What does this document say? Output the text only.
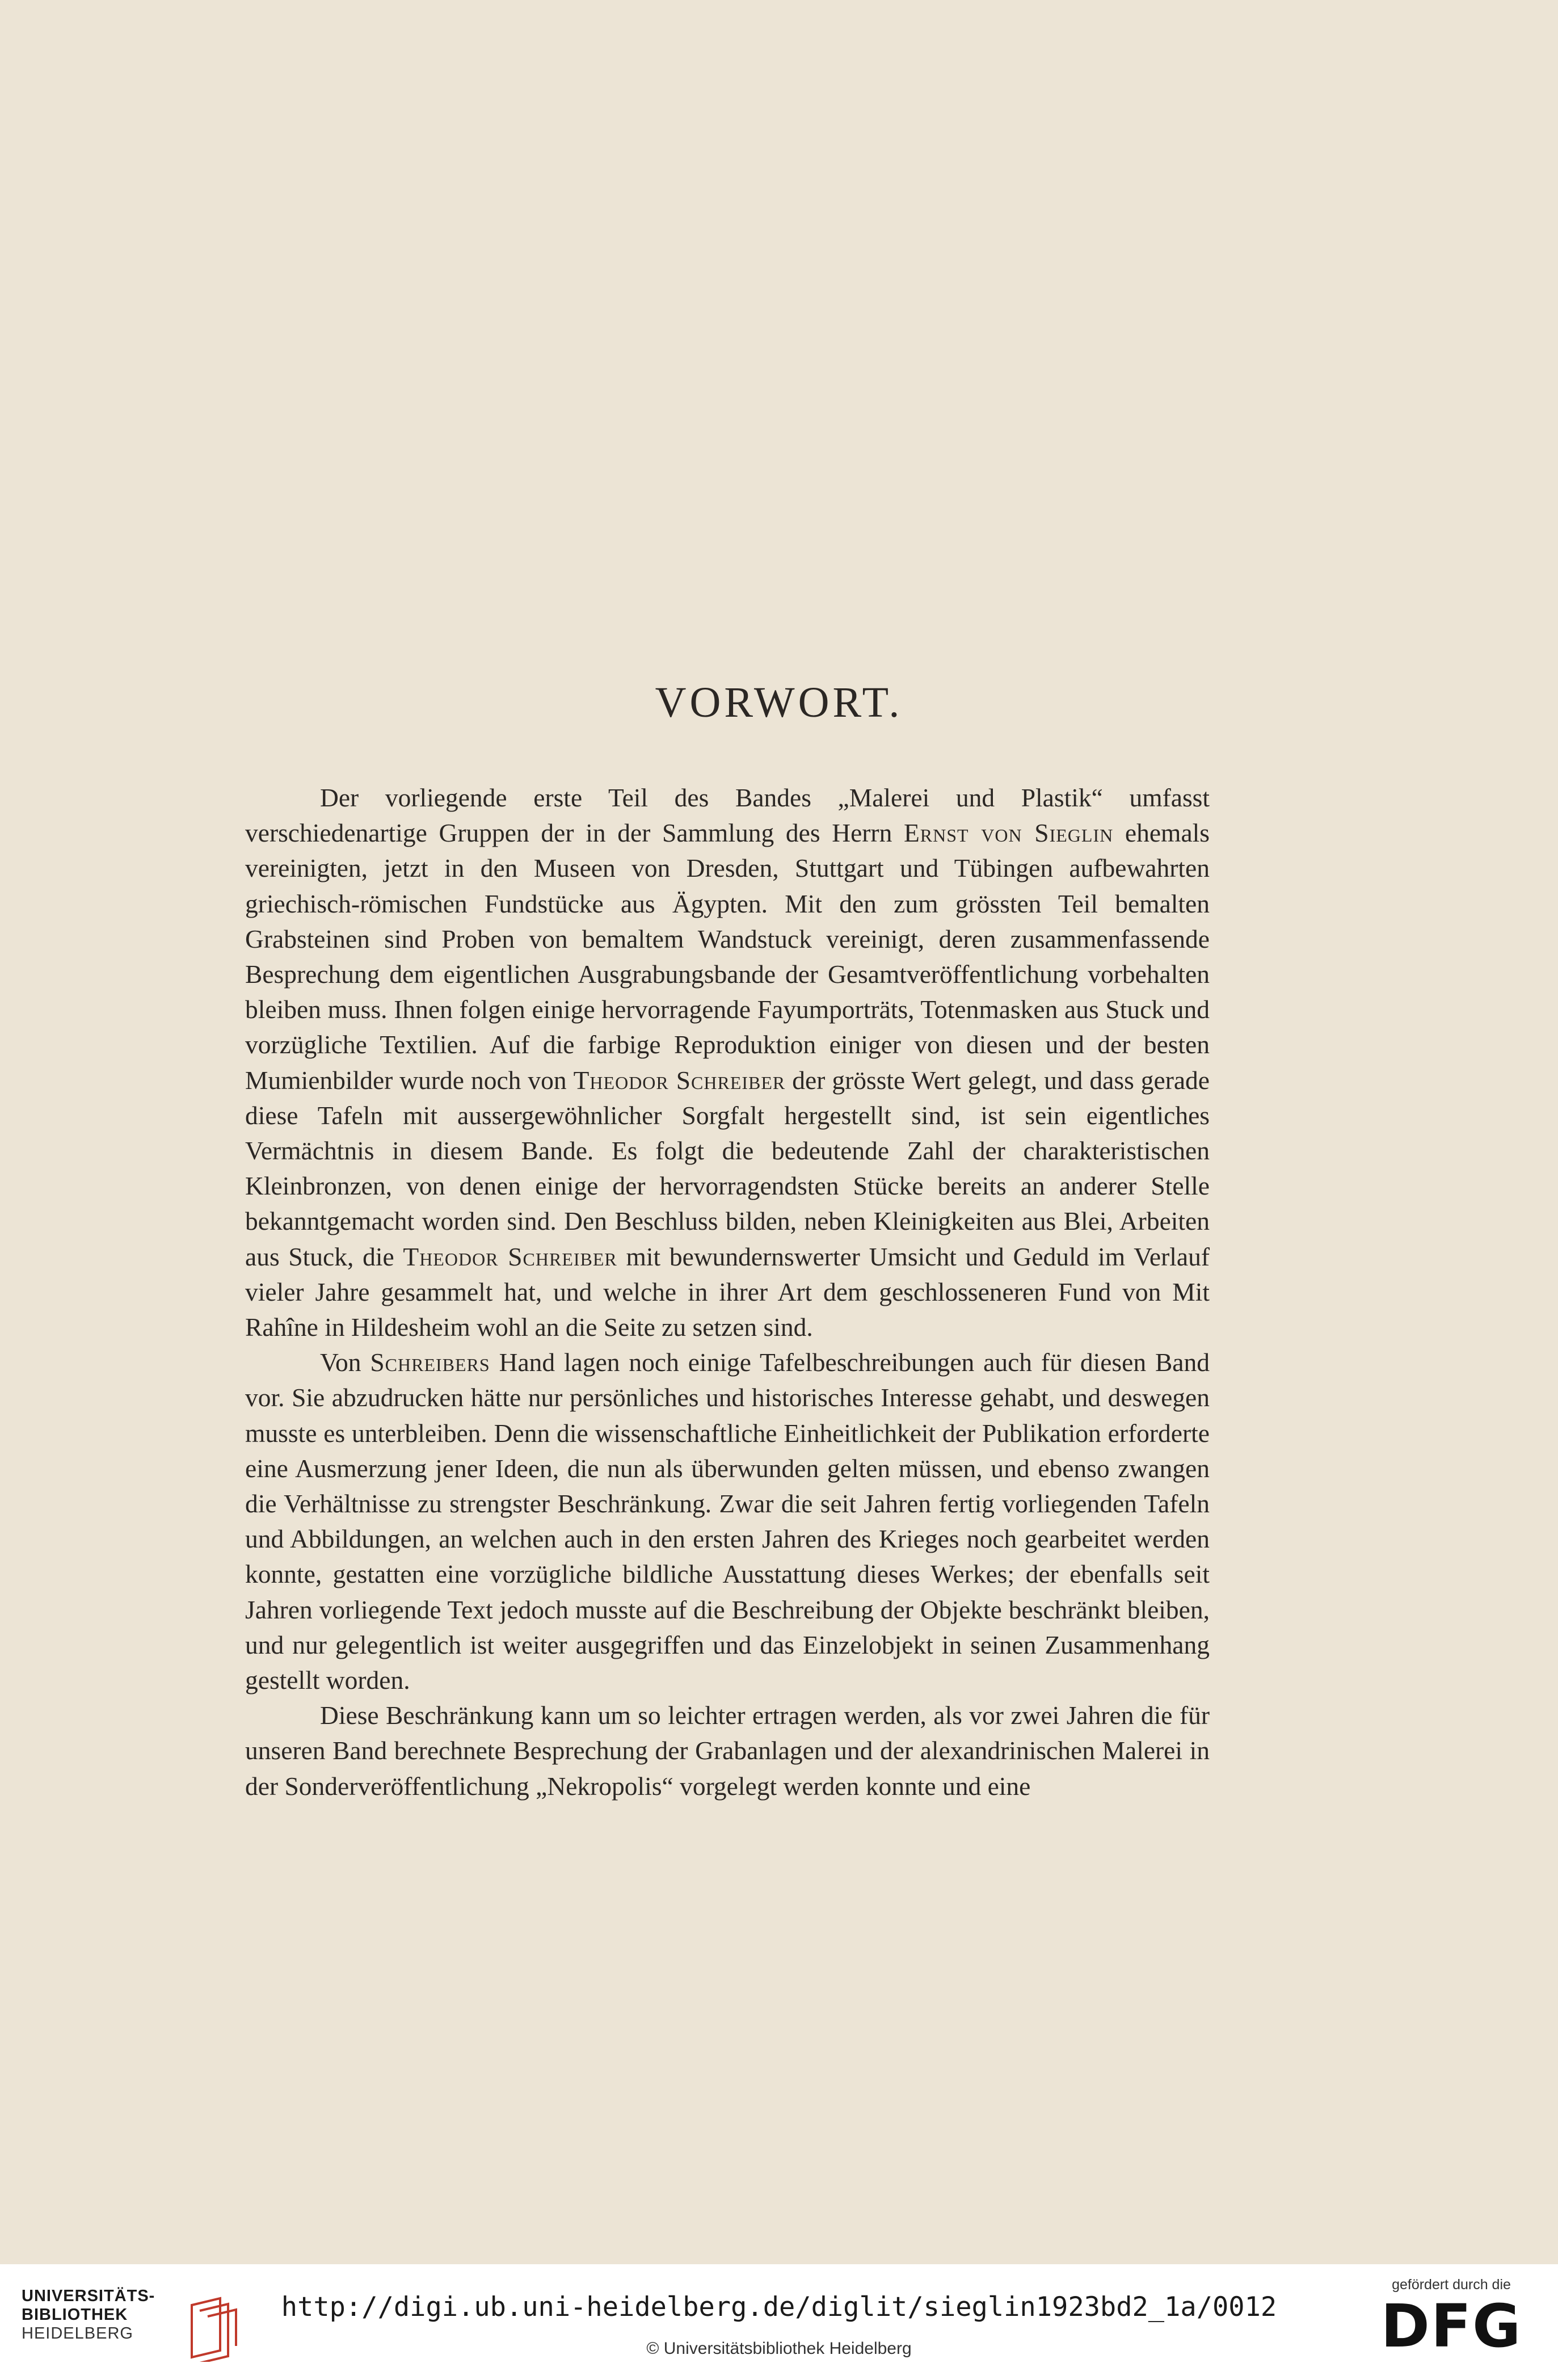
VORWORT.

Der vorliegende erste Teil des Bandes „Malerei und Plastik“ umfasst verschiedenartige Gruppen der in der Sammlung des Herrn Ernst von Sieglin ehemals vereinigten, jetzt in den Museen von Dresden, Stuttgart und Tübingen aufbewahrten griechisch-römischen Fundstücke aus Ägypten. Mit den zum grössten Teil bemalten Grabsteinen sind Proben von bemaltem Wandstuck vereinigt, deren zusammenfassende Besprechung dem eigentlichen Ausgrabungsbande der Gesamtveröffentlichung vorbehalten bleiben muss. Ihnen folgen einige hervorragende Fayumporträts, Totenmasken aus Stuck und vorzügliche Textilien. Auf die farbige Reproduktion einiger von diesen und der besten Mumienbilder wurde noch von Theodor Schreiber der grösste Wert gelegt, und dass gerade diese Tafeln mit aussergewöhnlicher Sorgfalt hergestellt sind, ist sein eigentliches Vermächtnis in diesem Bande. Es folgt die bedeutende Zahl der charakteristischen Kleinbronzen, von denen einige der hervorragendsten Stücke bereits an anderer Stelle bekanntgemacht worden sind. Den Beschluss bilden, neben Kleinigkeiten aus Blei, Arbeiten aus Stuck, die Theodor Schreiber mit bewundernswerter Umsicht und Geduld im Verlauf vieler Jahre gesammelt hat, und welche in ihrer Art dem geschlosseneren Fund von Mit Rahîne in Hildesheim wohl an die Seite zu setzen sind.

Von Schreibers Hand lagen noch einige Tafelbeschreibungen auch für diesen Band vor. Sie abzudrucken hätte nur persönliches und historisches Interesse gehabt, und deswegen musste es unterbleiben. Denn die wissenschaftliche Einheitlichkeit der Publikation erforderte eine Ausmerzung jener Ideen, die nun als überwunden gelten müssen, und ebenso zwangen die Verhältnisse zu strengster Beschränkung. Zwar die seit Jahren fertig vorliegenden Tafeln und Abbildungen, an welchen auch in den ersten Jahren des Krieges noch gearbeitet werden konnte, gestatten eine vorzügliche bildliche Ausstattung dieses Werkes; der ebenfalls seit Jahren vorliegende Text jedoch musste auf die Beschreibung der Objekte beschränkt bleiben, und nur gelegentlich ist weiter ausgegriffen und das Einzelobjekt in seinen Zusammenhang gestellt worden.

Diese Beschränkung kann um so leichter ertragen werden, als vor zwei Jahren die für unseren Band berechnete Besprechung der Grabanlagen und der alexandrinischen Malerei in der Sonderveröffentlichung „Nekropolis“ vorgelegt werden konnte und eine

UNIVERSITÄTS-
BIBLIOTHEK
HEIDELBERG
http://digi.ub.uni-heidelberg.de/diglit/sieglin1923bd2_1a/0012
© Universitätsbibliothek Heidelberg
gefördert durch die
DFG
